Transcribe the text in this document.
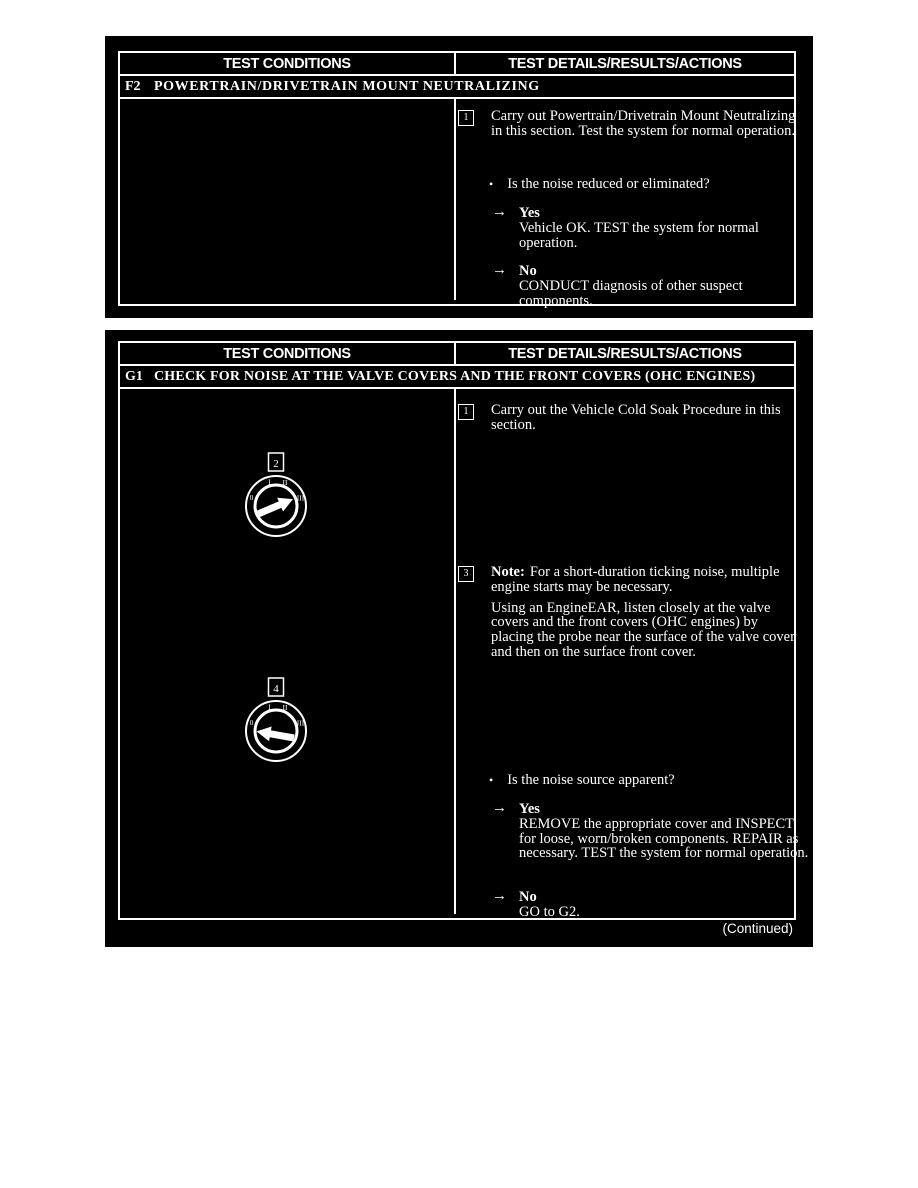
TEST CONDITIONS	TEST DETAILS/RESULTS/ACTIONS
F2 POWERTRAIN/DRIVETRAIN MOUNT NEUTRALIZING
1	Carry out Powertrain/Drivetrain Mount Neutralizing in this section. Test the system for normal operation.
• Is the noise reduced or eliminated?
→ Yes
Vehicle OK. TEST the system for normal operation.
→ No
CONDUCT diagnosis of other suspect components.
TEST CONDITIONS	TEST DETAILS/RESULTS/ACTIONS
G1 CHECK FOR NOISE AT THE VALVE COVERS AND THE FRONT COVERS (OHC ENGINES)
2
0
I II
III
4
0
I II
III
1	Carry out the Vehicle Cold Soak Procedure in this section.
3	Note: For a short-duration ticking noise, multiple engine starts may be necessary.
Using an EngineEAR, listen closely at the valve covers and the front covers (OHC engines) by placing the probe near the surface of the valve cover and then on the surface front cover.
• Is the noise source apparent?
→ Yes
REMOVE the appropriate cover and INSPECT for loose, worn/broken components. REPAIR as necessary. TEST the system for normal operation.
→ No
GO to G2.
(Continued)
